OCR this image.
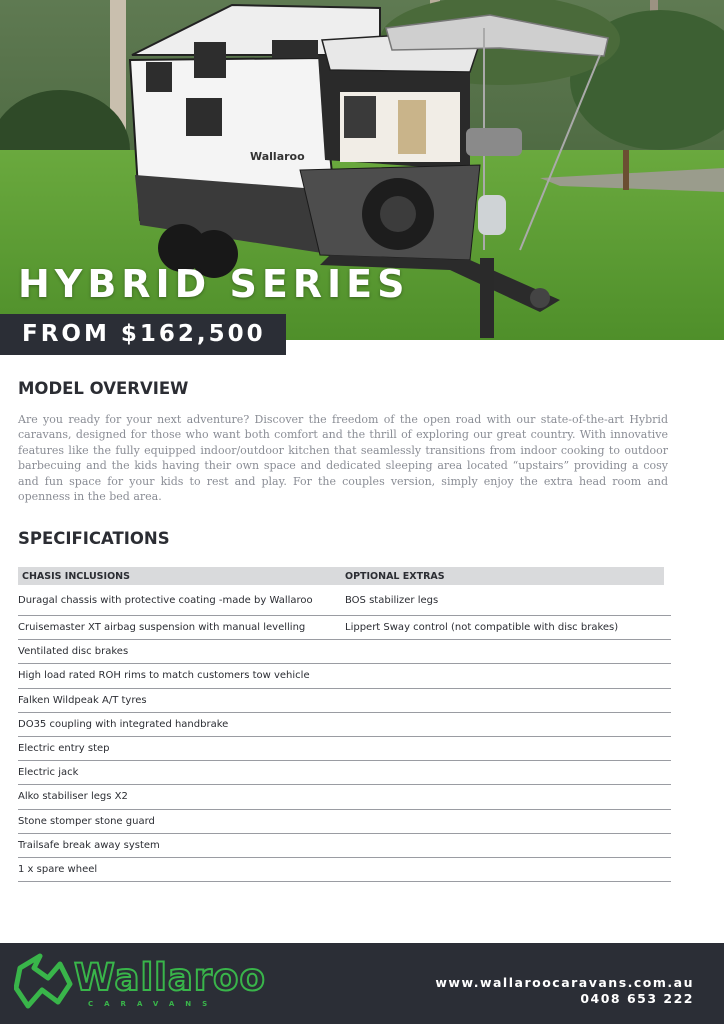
Wallaroo
HYBRID SERIES
FROM $162,500
MODEL OVERVIEW

Are you ready for your next adventure? Discover the freedom of the open road with our state-of-the-art Hybrid caravans, designed for those who want both comfort and the thrill of exploring our great country. With innovative features like the fully equipped indoor/outdoor kitchen that seamlessly transitions from indoor cooking to outdoor barbecuing and the kids having their own space and dedicated sleeping area located “upstairs” providing a cosy and fun space for your kids to rest and play. For the couples version, simply enjoy the extra head room and openness in the bed area.

SPECIFICATIONS
CHASIS INCLUSIONS	OPTIONAL EXTRAS
Duragal chassis with protective coating -made by Wallaroo	BOS stabilizer legs
Cruisemaster XT airbag suspension with manual levelling	Lippert Sway control (not compatible with disc brakes)
Ventilated disc brakes
High load rated ROH rims to match customers tow vehicle
Falken Wildpeak A/T tyres
DO35 coupling with integrated handbrake
Electric entry step
Electric jack
Alko stabiliser legs X2
Stone stomper stone guard
Trailsafe break away system
1 x spare wheel
Wallaroo
CARAVANS
www.wallaroocaravans.com.au
0408 653 222
